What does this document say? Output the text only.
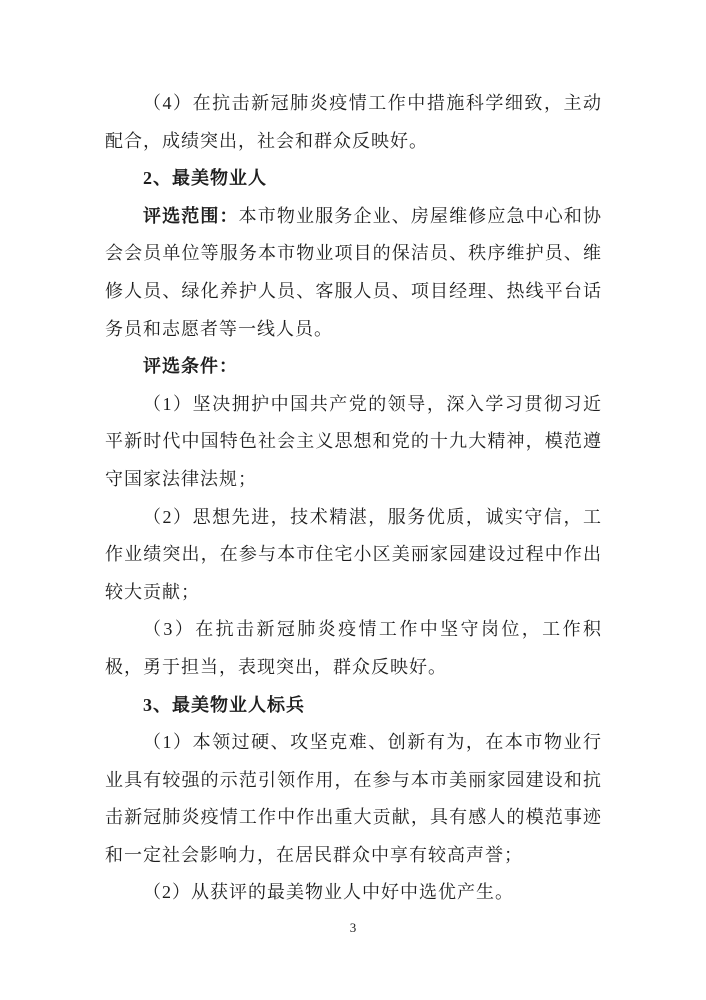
（4）在抗击新冠肺炎疫情工作中措施科学细致，主动配合，成绩突出，社会和群众反映好。

2、最美物业人

评选范围：本市物业服务企业、房屋维修应急中心和协会会员单位等服务本市物业项目的保洁员、秩序维护员、维修人员、绿化养护人员、客服人员、项目经理、热线平台话务员和志愿者等一线人员。

评选条件：

（1）坚决拥护中国共产党的领导，深入学习贯彻习近平新时代中国特色社会主义思想和党的十九大精神，模范遵守国家法律法规；

（2）思想先进，技术精湛，服务优质，诚实守信，工作业绩突出，在参与本市住宅小区美丽家园建设过程中作出较大贡献；

（3）在抗击新冠肺炎疫情工作中坚守岗位，工作积极，勇于担当，表现突出，群众反映好。

3、最美物业人标兵

（1）本领过硬、攻坚克难、创新有为，在本市物业行业具有较强的示范引领作用，在参与本市美丽家园建设和抗击新冠肺炎疫情工作中作出重大贡献，具有感人的模范事迹和一定社会影响力，在居民群众中享有较高声誉；

（2）从获评的最美物业人中好中选优产生。

3
